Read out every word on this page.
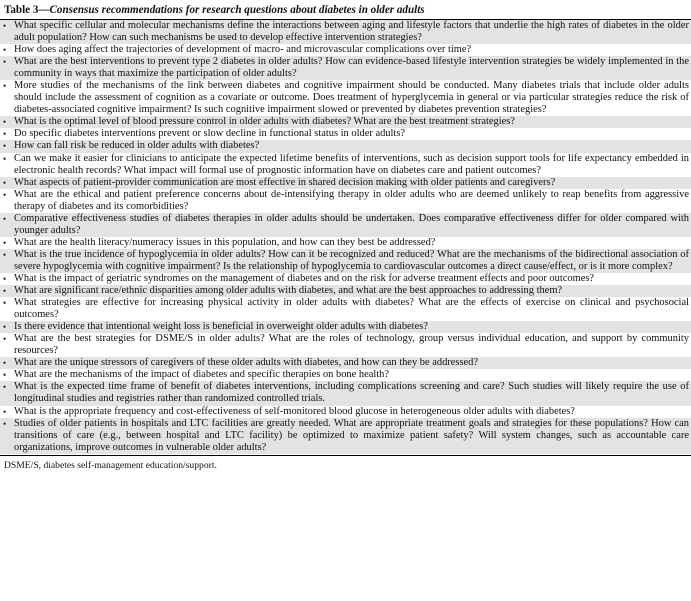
Table 3—Consensus recommendations for research questions about diabetes in older adults
• What specific cellular and molecular mechanisms define the interactions between aging and lifestyle factors that underlie the high rates of diabetes in the older adult population? How can such mechanisms be used to develop effective intervention strategies?
• How does aging affect the trajectories of development of macro- and microvascular complications over time?
• What are the best interventions to prevent type 2 diabetes in older adults? How can evidence-based lifestyle intervention strategies be widely implemented in the community in ways that maximize the participation of older adults?
• More studies of the mechanisms of the link between diabetes and cognitive impairment should be conducted. Many diabetes trials that include older adults should include the assessment of cognition as a covariate or outcome. Does treatment of hyperglycemia in general or via particular strategies reduce the risk of diabetes-associated cognitive impairment? Is such cognitive impairment slowed or prevented by diabetes prevention strategies?
• What is the optimal level of blood pressure control in older adults with diabetes? What are the best treatment strategies?
• Do specific diabetes interventions prevent or slow decline in functional status in older adults?
• How can fall risk be reduced in older adults with diabetes?
• Can we make it easier for clinicians to anticipate the expected lifetime benefits of interventions, such as decision support tools for life expectancy embedded in electronic health records? What impact will formal use of prognostic information have on diabetes care and patient outcomes?
• What aspects of patient-provider communication are most effective in shared decision making with older patients and caregivers?
• What are the ethical and patient preference concerns about de-intensifying therapy in older adults who are deemed unlikely to reap benefits from aggressive therapy of diabetes and its comorbidities?
• Comparative effectiveness studies of diabetes therapies in older adults should be undertaken. Does comparative effectiveness differ for older compared with younger adults?
• What are the health literacy/numeracy issues in this population, and how can they best be addressed?
• What is the true incidence of hypoglycemia in older adults? How can it be recognized and reduced? What are the mechanisms of the bidirectional association of severe hypoglycemia with cognitive impairment? Is the relationship of hypoglycemia to cardiovascular outcomes a direct cause/effect, or is it more complex?
• What is the impact of geriatric syndromes on the management of diabetes and on the risk for adverse treatment effects and poor outcomes?
• What are significant race/ethnic disparities among older adults with diabetes, and what are the best approaches to addressing them?
• What strategies are effective for increasing physical activity in older adults with diabetes? What are the effects of exercise on clinical and psychosocial outcomes?
• Is there evidence that intentional weight loss is beneficial in overweight older adults with diabetes?
• What are the best strategies for DSME/S in older adults? What are the roles of technology, group versus individual education, and support by community resources?
• What are the unique stressors of caregivers of these older adults with diabetes, and how can they be addressed?
• What are the mechanisms of the impact of diabetes and specific therapies on bone health?
• What is the expected time frame of benefit of diabetes interventions, including complications screening and care? Such studies will likely require the use of longitudinal studies and registries rather than randomized controlled trials.
• What is the appropriate frequency and cost-effectiveness of self-monitored blood glucose in heterogeneous older adults with diabetes?
• Studies of older patients in hospitals and LTC facilities are greatly needed. What are appropriate treatment goals and strategies for these populations? How can transitions of care (e.g., between hospital and LTC facility) be optimized to maximize patient safety? Will system changes, such as accountable care organizations, improve outcomes in vulnerable older adults?
DSME/S, diabetes self-management education/support.
